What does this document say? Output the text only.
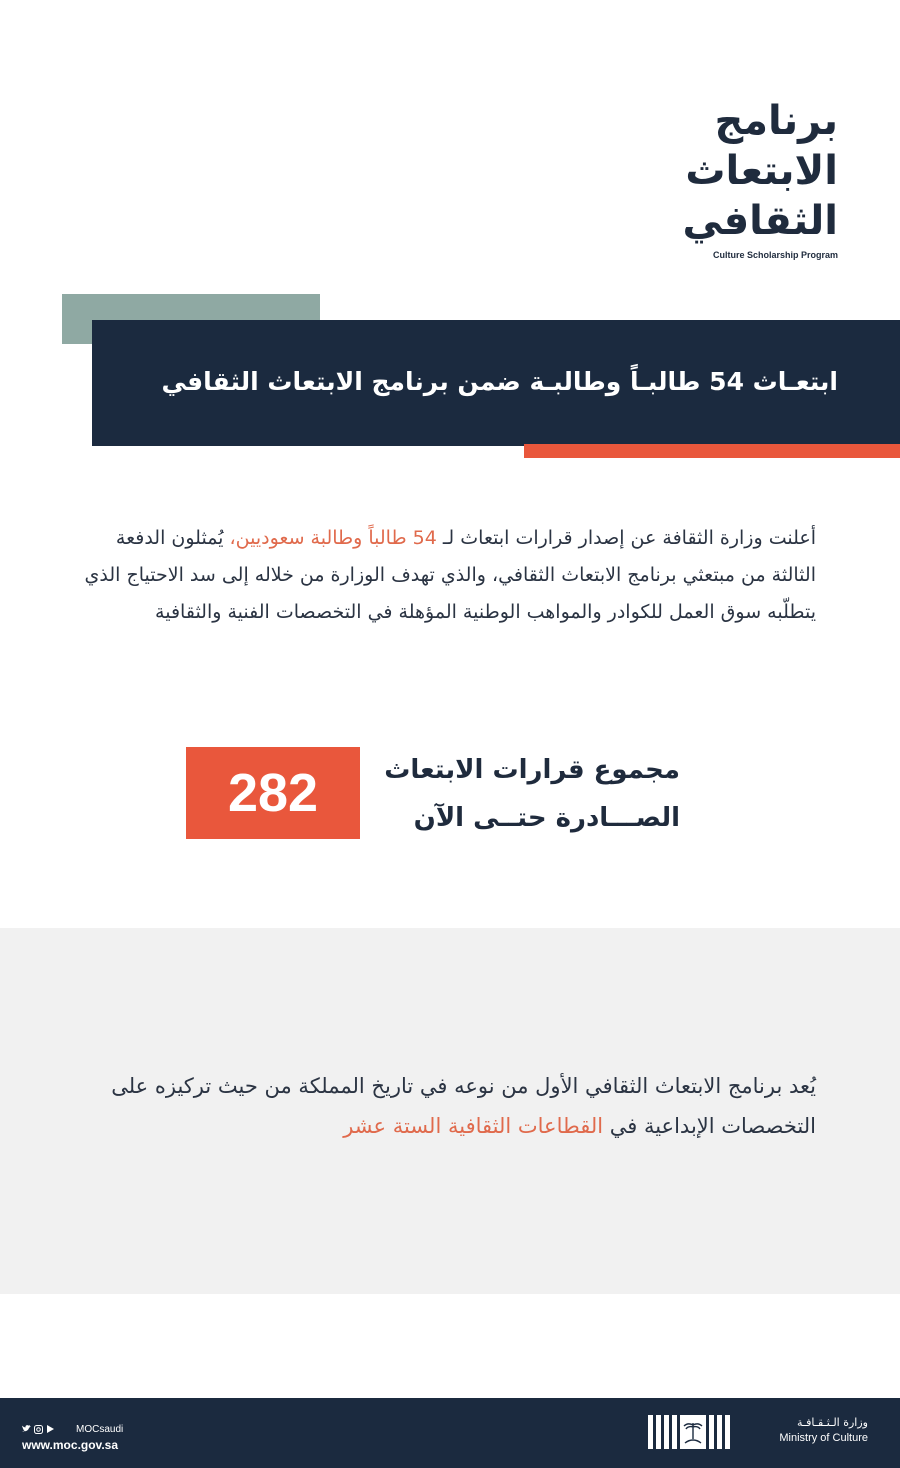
برنامج
الابتعاث
الثقافي
Culture Scholarship Program
ابتعـاث 54 طالبـاً وطالبـة ضمن برنامج الابتعاث الثقافي

أعلنت وزارة الثقافة عن إصدار قرارات ابتعاث لـ 54 طالباً وطالبة سعوديين، يُمثلون الدفعة الثالثة من مبتعثي برنامج الابتعاث الثقافي، والذي تهدف الوزارة من خلاله إلى سد الاحتياج الذي يتطلّبه سوق العمل للكوادر والمواهب الوطنية المؤهلة في التخصصات الفنية والثقافية

282	مجموع قرارات الابتعاث
الصـــادرة حتــى الآن

يُعد برنامج الابتعاث الثقافي الأول من نوعه في تاريخ المملكة من حيث تركيزه على التخصصات الإبداعية في القطاعات الثقافية الستة عشر

MOCsaudi
www.moc.gov.sa
وزارة الـثـقـافـة
Ministry of Culture
